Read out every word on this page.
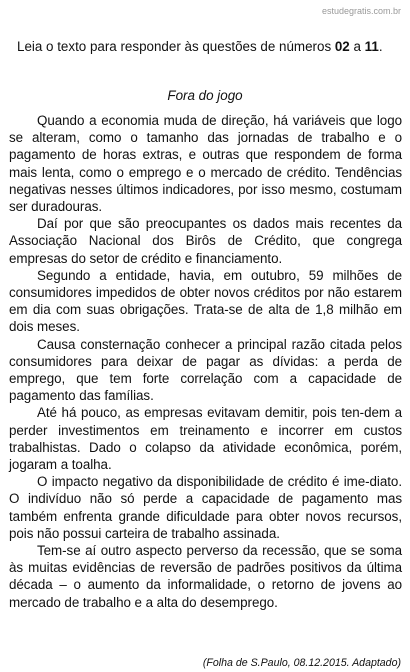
estudegratis.com.br
Leia o texto para responder às questões de números 02 a 11.
Fora do jogo

Quando a economia muda de direção, há variáveis que logo se alteram, como o tamanho das jornadas de trabalho e o pagamento de horas extras, e outras que respondem de forma mais lenta, como o emprego e o mercado de crédito. Tendências negativas nesses últimos indicadores, por isso mesmo, costumam ser duradouras.

Daí por que são preocupantes os dados mais recentes da Associação Nacional dos Birôs de Crédito, que congrega empresas do setor de crédito e financiamento.

Segundo a entidade, havia, em outubro, 59 milhões de consumidores impedidos de obter novos créditos por não estarem em dia com suas obrigações. Trata-se de alta de 1,8 milhão em dois meses.

Causa consternação conhecer a principal razão citada pelos consumidores para deixar de pagar as dívidas: a perda de emprego, que tem forte correlação com a capacidade de pagamento das famílias.

Até há pouco, as empresas evitavam demitir, pois ten-dem a perder investimentos em treinamento e incorrer em custos trabalhistas. Dado o colapso da atividade econômica, porém, jogaram a toalha.

O impacto negativo da disponibilidade de crédito é ime-diato. O indivíduo não só perde a capacidade de pagamento mas também enfrenta grande dificuldade para obter novos recursos, pois não possui carteira de trabalho assinada.

Tem-se aí outro aspecto perverso da recessão, que se soma às muitas evidências de reversão de padrões positivos da última década – o aumento da informalidade, o retorno de jovens ao mercado de trabalho e a alta do desemprego.

(Folha de S.Paulo, 08.12.2015. Adaptado)
